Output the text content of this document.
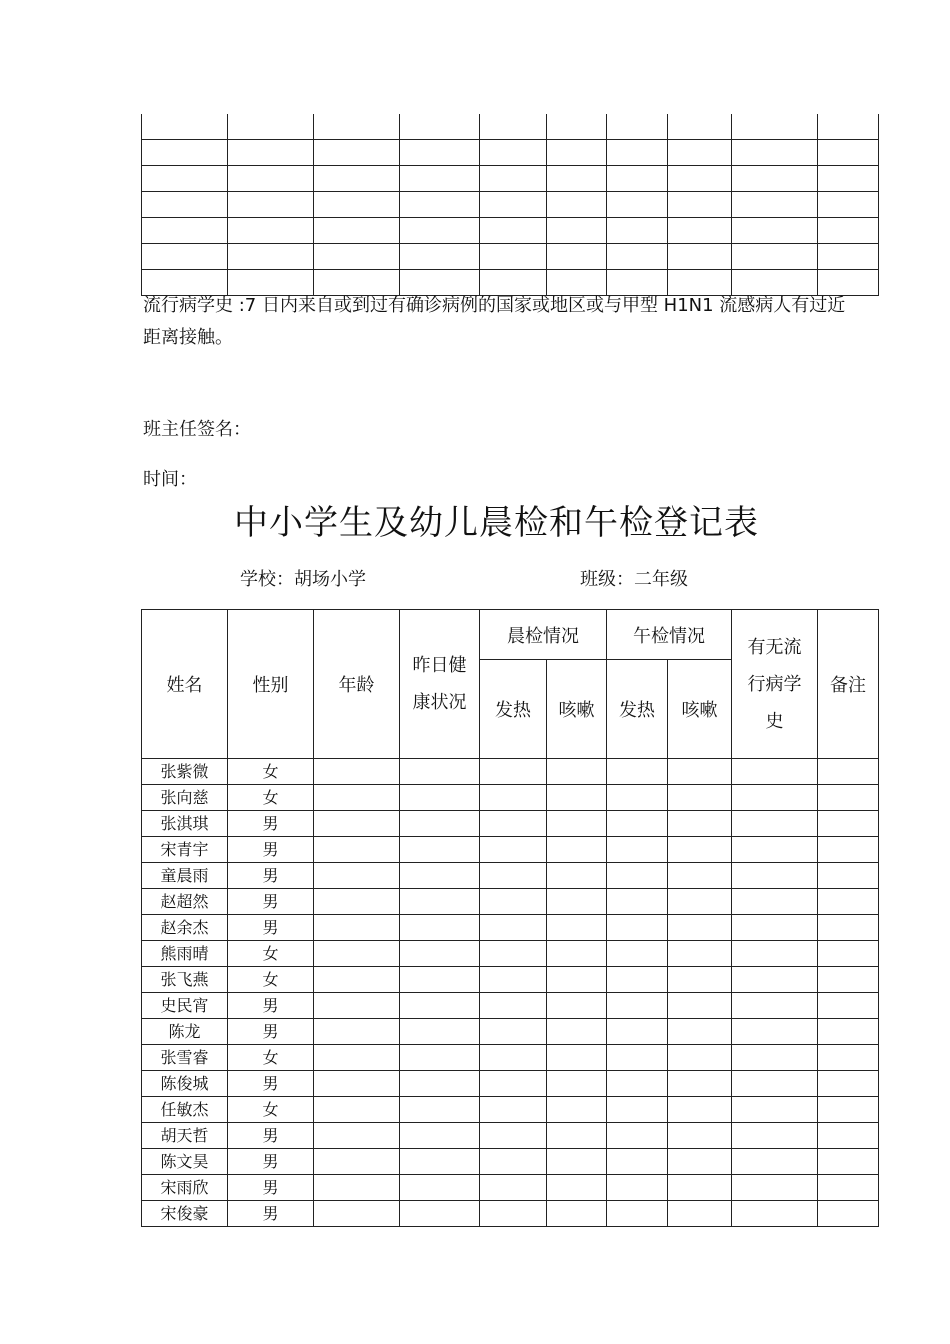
流行病学史 :7 日内来自或到过有确诊病例的国家或地区或与甲型 H1N1 流感病人有过近距离接触。
班主任签名：
时间：
中小学生及幼儿晨检和午检登记表
学校：胡场小学	班级：二年级
姓名	性别	年龄	昨日健康状况	晨检情况		午检情况		有无流行病学史	备注
				发热	咳嗽	发热	咳嗽		
张紫微	女								
张向慈	女								
张淇琪	男								
宋青宇	男								
童晨雨	男								
赵超然	男								
赵余杰	男								
熊雨晴	女								
张飞燕	女								
史民宵	男								
陈龙	男								
张雪睿	女								
陈俊城	男								
任敏杰	女								
胡天哲	男								
陈文昊	男								
宋雨欣	男								
宋俊豪	男								
